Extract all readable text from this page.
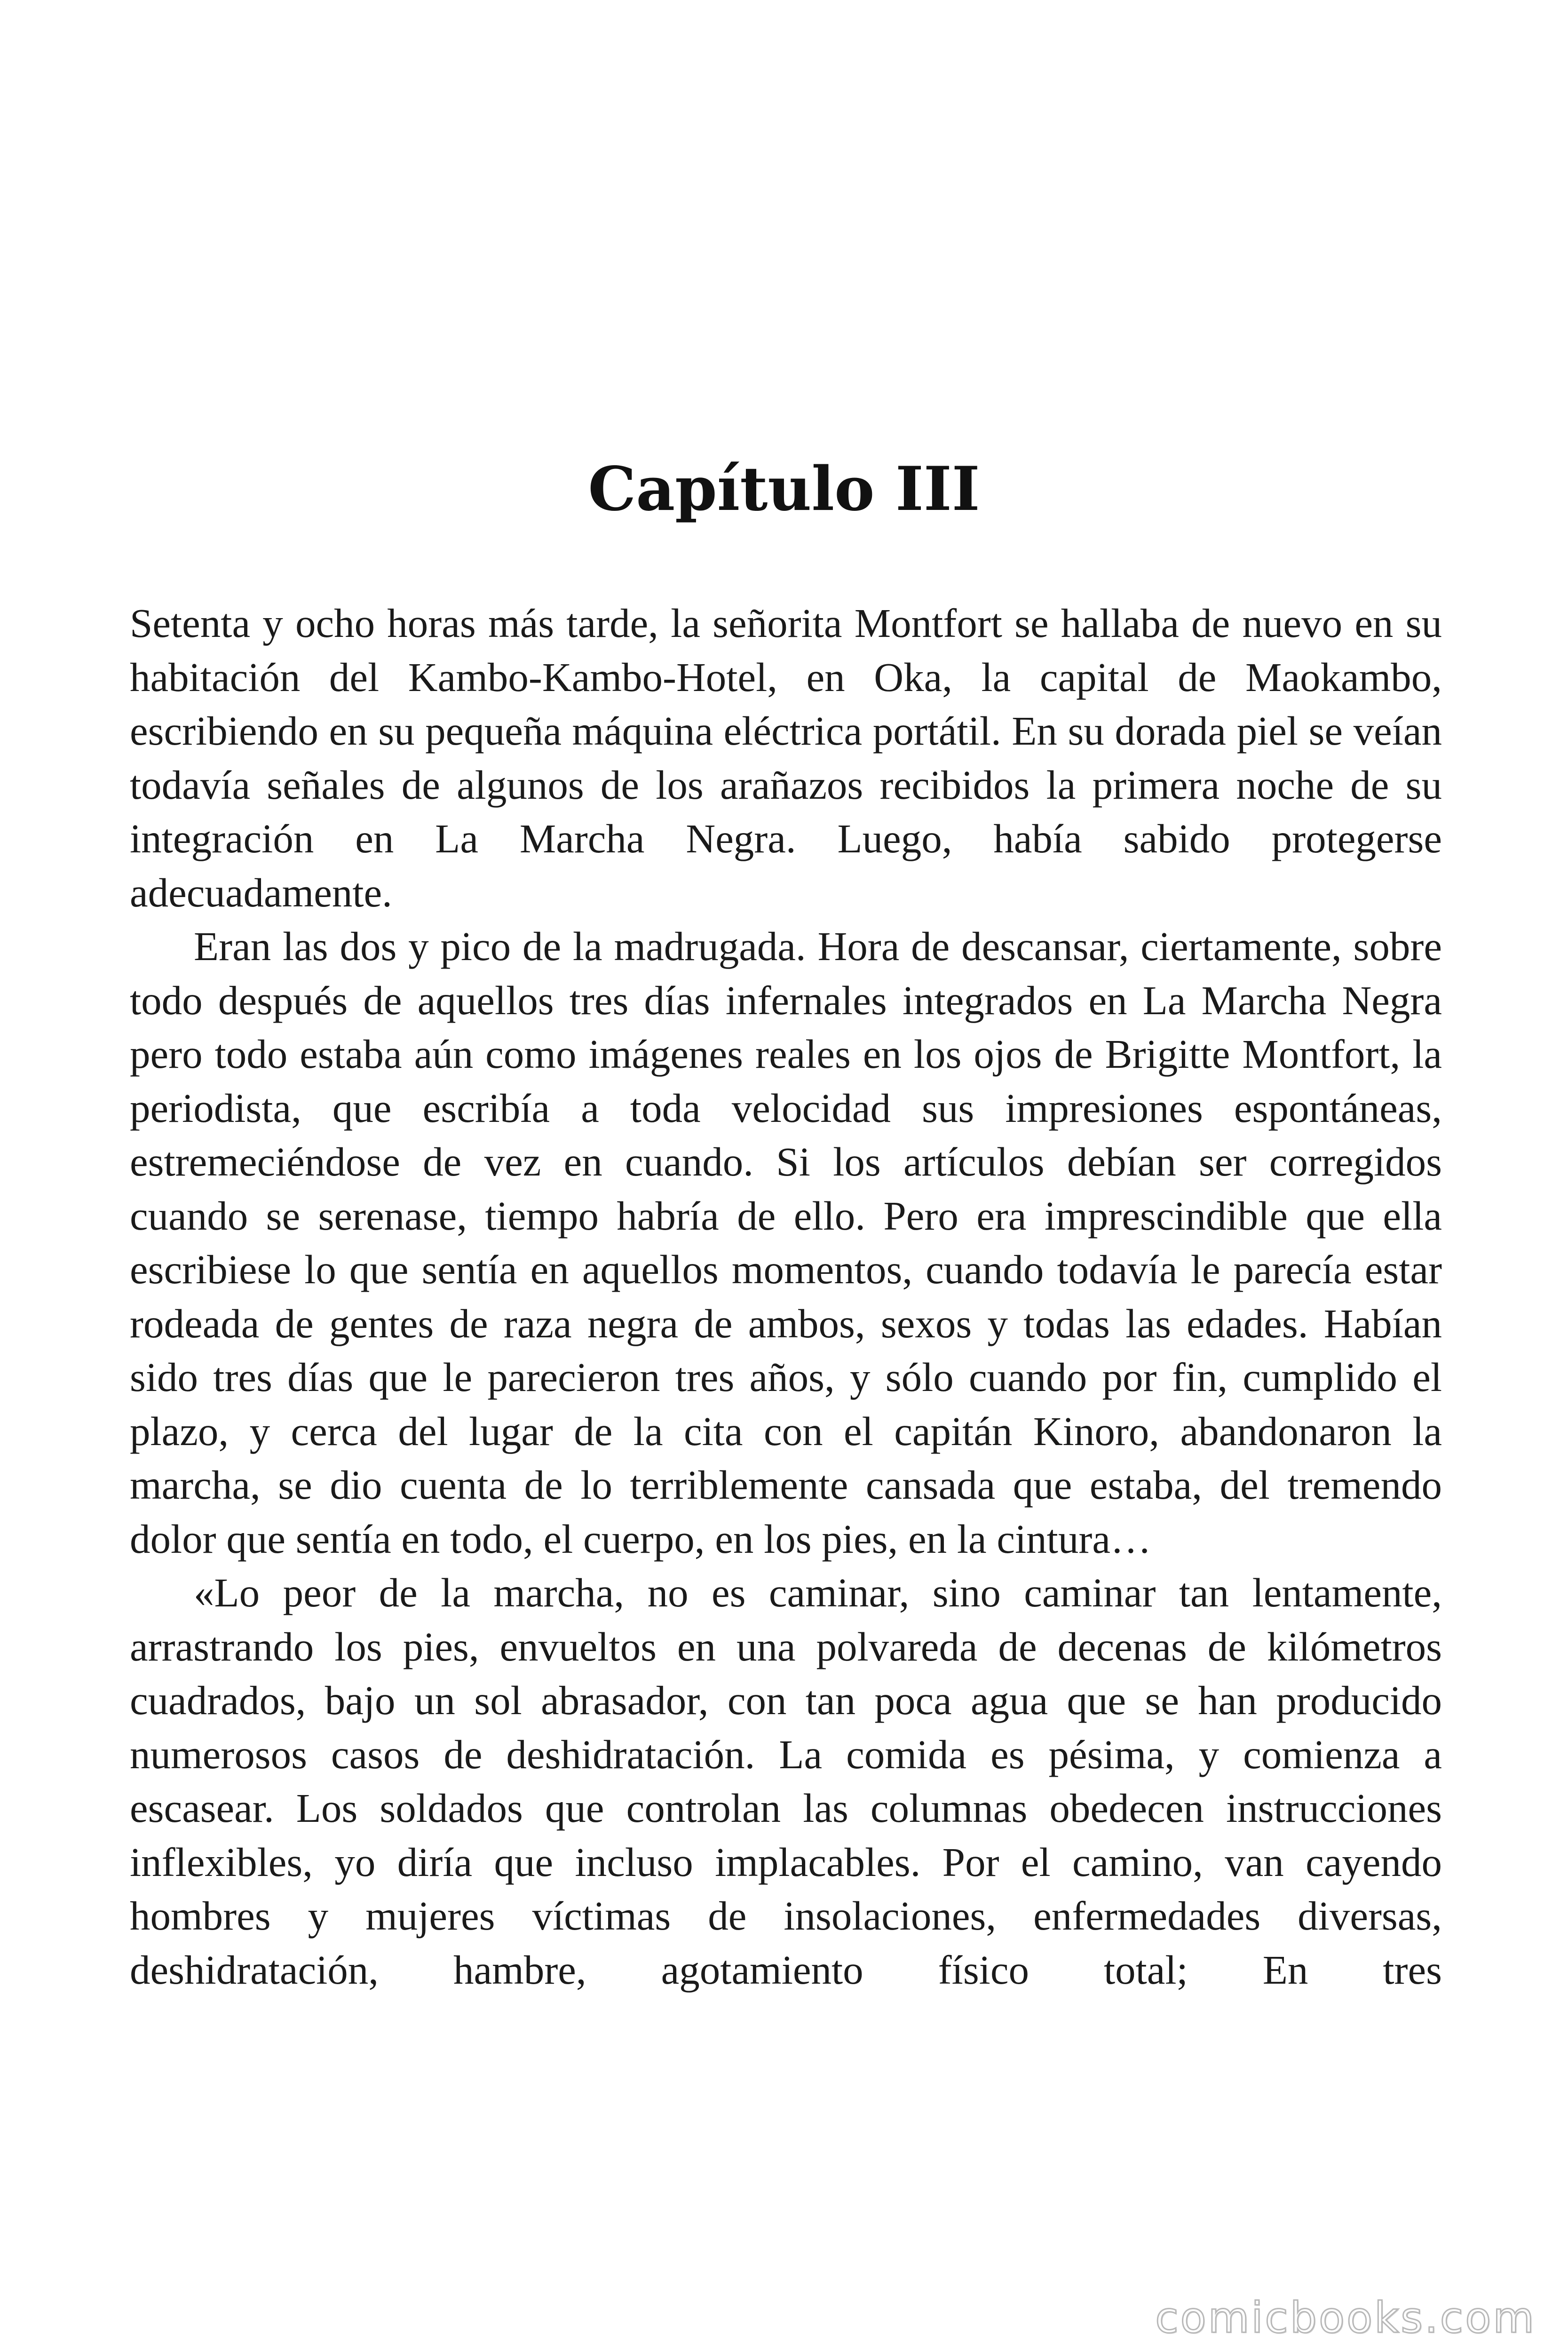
Capítulo III

Setenta y ocho horas más tarde, la señorita Montfort se hallaba de nuevo en su habitación del Kambo-Kambo-Hotel, en Oka, la capital de Maokambo, escribiendo en su pequeña máquina eléctrica portátil. En su dorada piel se veían todavía señales de algunos de los arañazos recibidos la primera noche de su integración en La Marcha Negra. Luego, había sabido protegerse adecuadamente.

Eran las dos y pico de la madrugada. Hora de descansar, ciertamente, sobre todo después de aquellos tres días infernales integrados en La Marcha Negra pero todo estaba aún como imágenes reales en los ojos de Brigitte Montfort, la periodista, que escribía a toda velocidad sus impresiones espontáneas, estremeciéndose de vez en cuando. Si los artículos debían ser corregidos cuando se serenase, tiempo habría de ello. Pero era imprescindible que ella escribiese lo que sentía en aquellos momentos, cuando todavía le parecía estar rodeada de gentes de raza negra de ambos, sexos y todas las edades. Habían sido tres días que le parecieron tres años, y sólo cuando por fin, cumplido el plazo, y cerca del lugar de la cita con el capitán Kinoro, abandonaron la marcha, se dio cuenta de lo terriblemente cansada que estaba, del tremendo dolor que sentía en todo, el cuerpo, en los pies, en la cintura…

«Lo peor de la marcha, no es caminar, sino caminar tan lentamente, arrastrando los pies, envueltos en una polvareda de decenas de kilómetros cuadrados, bajo un sol abrasador, con tan poca agua que se han producido numerosos casos de deshidratación. La comida es pésima, y comienza a escasear. Los soldados que controlan las columnas obedecen instrucciones inflexibles, yo diría que incluso implacables. Por el camino, van cayendo hombres y mujeres víctimas de insolaciones, enfermedades diversas, deshidratación, hambre, agotamiento físico total; En tres

comicbooks.com
